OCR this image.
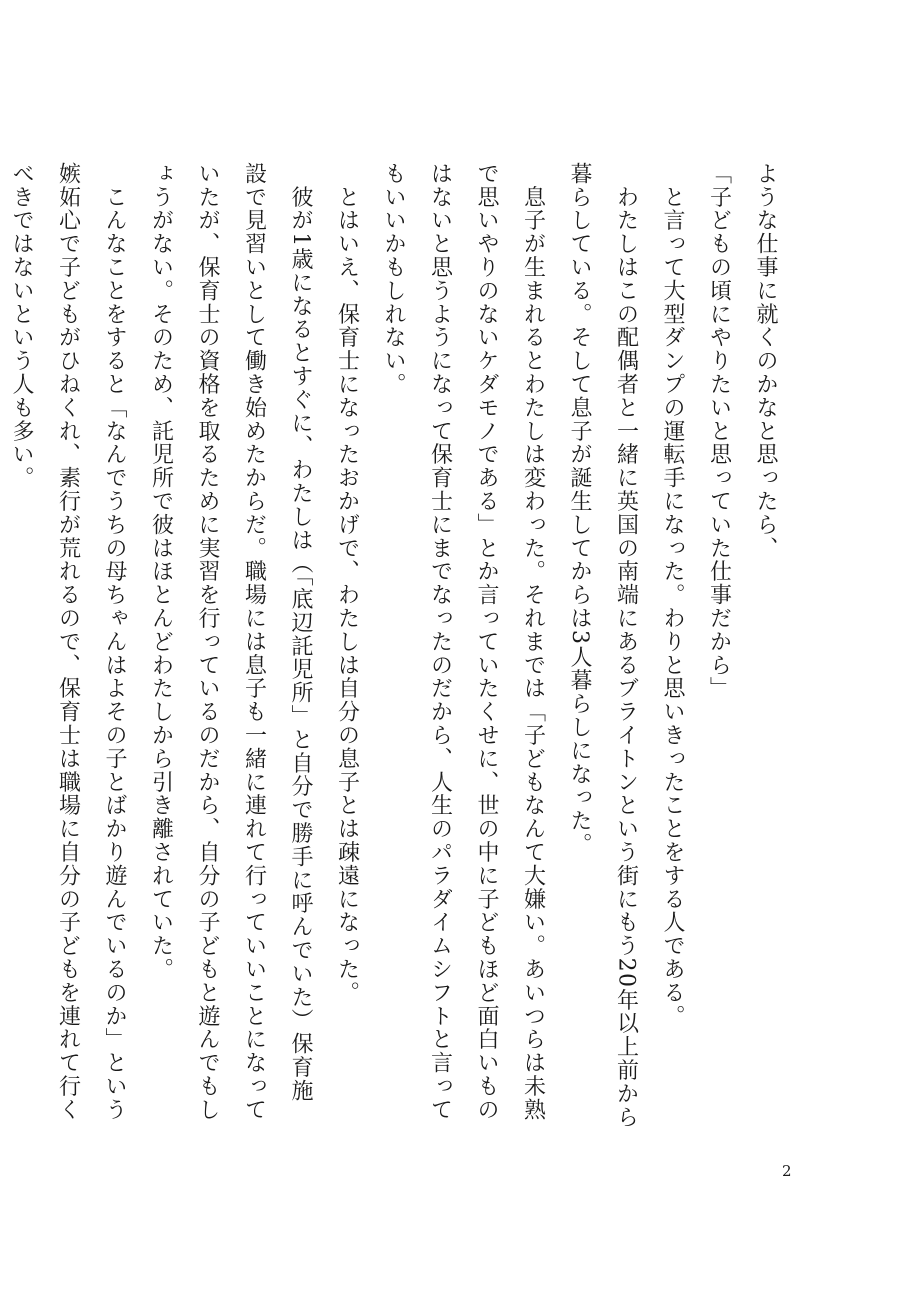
ような仕事に就くのかなと思ったら、
「子どもの頃にやりたいと思っていた仕事だから」
　と言って大型ダンプの運転手になった。わりと思いきったことをする人である。
　わたしはこの配偶者と一緒に英国の南端にあるブライトンという街にもう20年以上前から
暮らしている。そして息子が誕生してからは3人暮らしになった。
　息子が生まれるとわたしは変わった。それまでは「子どもなんて大嫌い。あいつらは未熟
で思いやりのないケダモノである」とか言っていたくせに、世の中に子どもほど面白いもの
はないと思うようになって保育士にまでなったのだから、人生のパラダイムシフトと言って
もいいかもしれない。
　とはいえ、保育士になったおかげで、わたしは自分の息子とは疎遠になった。
　彼が1歳になるとすぐに、わたしは（「底辺託児所」と自分で勝手に呼んでいた）保育施
設で見習いとして働き始めたからだ。職場には息子も一緒に連れて行っていいことになって
いたが、保育士の資格を取るために実習を行っているのだから、自分の子どもと遊んでもし
ょうがない。そのため、託児所で彼はほとんどわたしから引き離されていた。
　こんなことをすると「なんでうちの母ちゃんはよその子とばかり遊んでいるのか」という
嫉妬心で子どもがひねくれ、素行が荒れるので、保育士は職場に自分の子どもを連れて行く
べきではないという人も多い。
2
